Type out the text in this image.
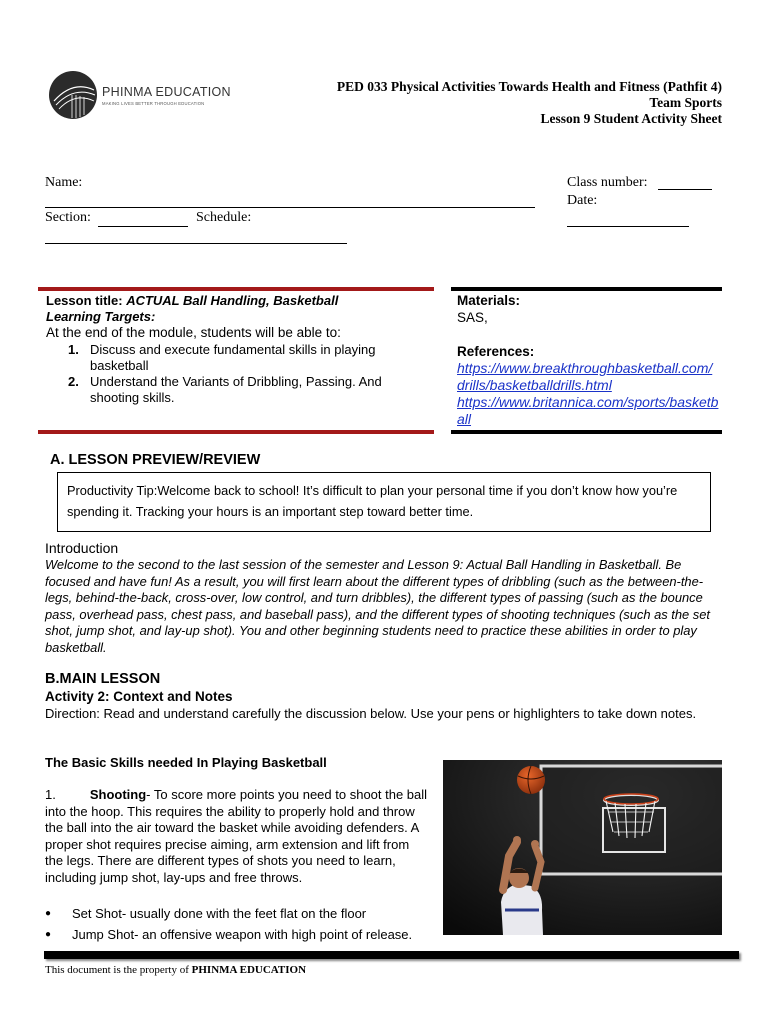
PHINMA EDUCATION
MAKING LIVES BETTER THROUGH EDUCATION
PED 033 Physical Activities Towards Health and Fitness (Pathfit 4)
Team Sports
Lesson 9 Student Activity Sheet
Name:
Section:	Schedule:
Class number:
Date:
Lesson title: ACTUAL Ball Handling, Basketball
Learning Targets:
At the end of the module, students will be able to:
1. Discuss and execute fundamental skills in playing basketball
2. Understand the Variants of Dribbling, Passing. And shooting skills.
Materials:
SAS,
References:
https://www.breakthroughbasketball.com/drills/basketballdrills.html
https://www.britannica.com/sports/basketball
A. LESSON PREVIEW/REVIEW
Productivity Tip:Welcome back to school! It’s difficult to plan your personal time if you don’t know how you’re spending it. Tracking your hours is an important step toward better time.
Introduction
Welcome to the second to the last session of the semester and Lesson 9: Actual Ball Handling in Basketball. Be focused and have fun! As a result, you will first learn about the different types of dribbling (such as the between-the-legs, behind-the-back, cross-over, low control, and turn dribbles), the different types of passing (such as the bounce pass, overhead pass, chest pass, and baseball pass), and the different types of shooting techniques (such as the set shot, jump shot, and lay-up shot). You and other beginning students need to practice these abilities in order to play basketball.
B.MAIN LESSON
Activity 2: Context and Notes
Direction: Read and understand carefully the discussion below. Use your pens or highlighters to take down notes.
The Basic Skills needed In Playing Basketball
1.	Shooting- To score more points you need to shoot the ball into the hoop. This requires the ability to properly hold and throw the ball into the air toward the basket while avoiding defenders. A proper shot requires precise aiming, arm extension and lift from the legs. There are different types of shots you need to learn, including jump shot, lay-ups and free throws.
● Set Shot- usually done with the feet flat on the floor
● Jump Shot- an offensive weapon with high point of release.
This document is the property of PHINMA EDUCATION
